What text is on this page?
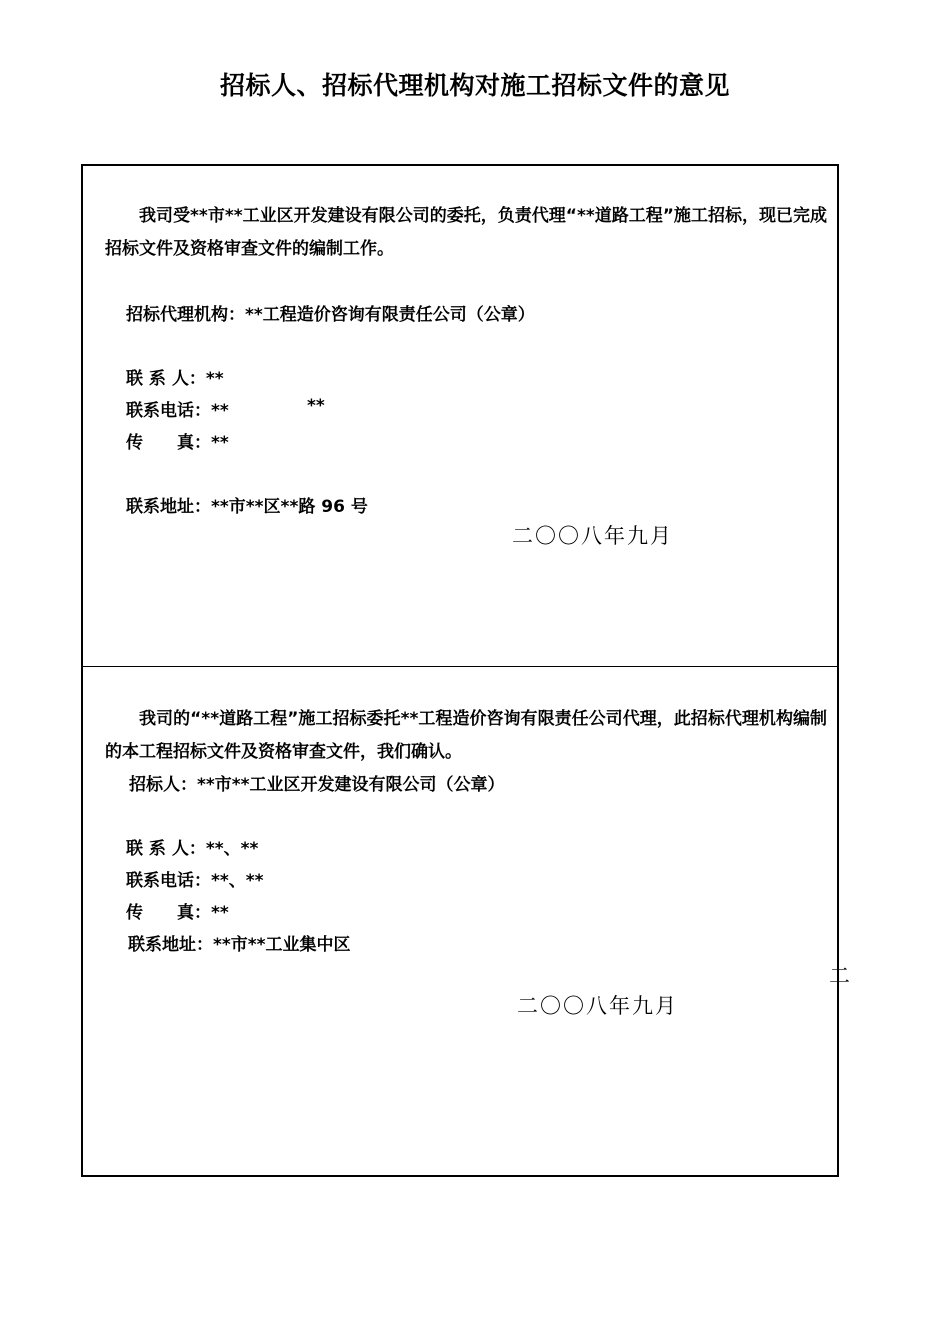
招标人、招标代理机构对施工招标文件的意见
　　我司受**市**工业区开发建设有限公司的委托，负责代理“**道路工程”施工招标，现已完成招标文件及资格审查文件的编制工作。
招标代理机构：**工程造价咨询有限责任公司（公章）
联 系 人：**
联系电话：**	**
传　　真：**
联系地址：**市**区**路 96 号
二〇〇八年九月
　　我司的“**道路工程”施工招标委托**工程造价咨询有限责任公司代理，此招标代理机构编制的本工程招标文件及资格审查文件，我们确认。
招标人：**市**工业区开发建设有限公司（公章）
联 系 人：**、**
联系电话：**、**
传　　真：**
联系地址：**市**工业集中区
二〇〇八年九月
二
